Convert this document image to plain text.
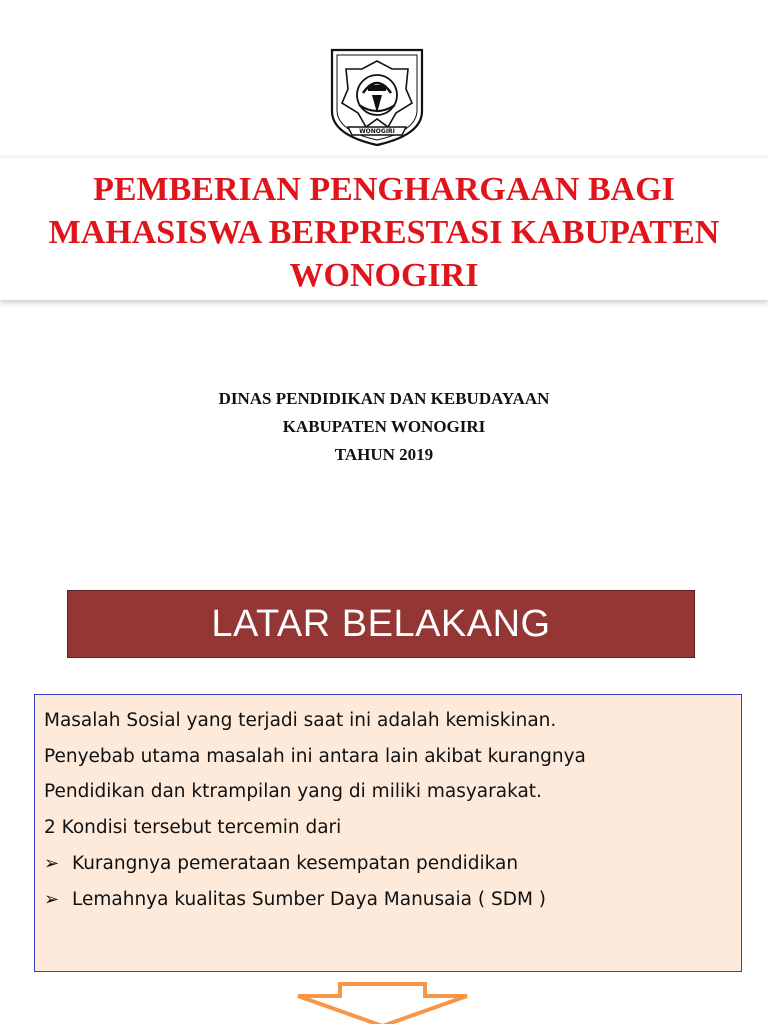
WONOGIRI
PEMBERIAN PENGHARGAAN BAGI
MAHASISWA BERPRESTASI KABUPATEN
WONOGIRI
DINAS PENDIDIKAN DAN KEBUDAYAAN
KABUPATEN WONOGIRI
TAHUN 2019
LATAR BELAKANG
Masalah Sosial yang terjadi saat ini adalah kemiskinan.
Penyebab utama masalah ini antara lain akibat kurangnya
Pendidikan dan ktrampilan yang di miliki masyarakat.
2 Kondisi tersebut tercemin dari
➢ Kurangnya pemerataan kesempatan pendidikan
➢ Lemahnya kualitas Sumber Daya Manusaia ( SDM )
